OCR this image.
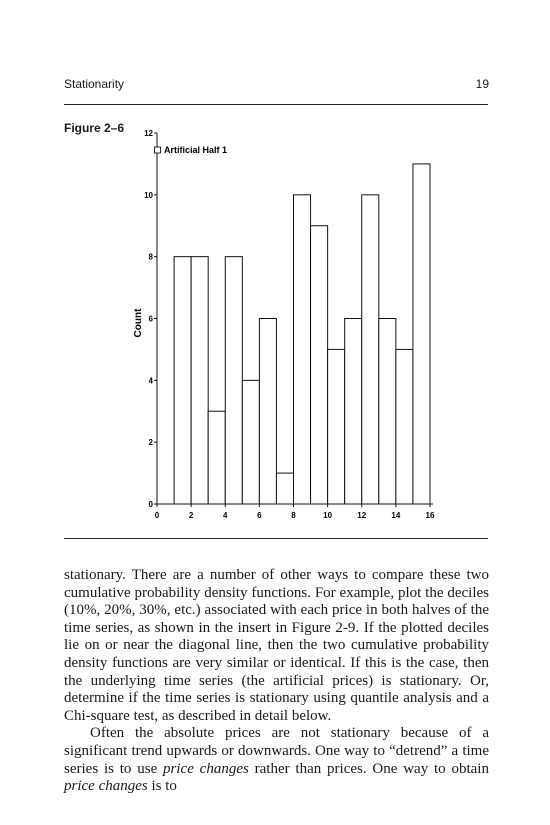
Stationarity	19
Figure 2–6
0	2	4	6	8	10	12	14	16
0
2
4
6
8
10
12
Count
Artificial Half 1

stationary. There are a number of other ways to compare these two cumulative probability density functions. For example, plot the deciles (10%, 20%, 30%, etc.) associated with each price in both halves of the time series, as shown in the insert in Figure 2-9. If the plotted deciles lie on or near the diagonal line, then the two cumulative probability density functions are very similar or identical. If this is the case, then the underlying time series (the artificial prices) is stationary. Or, determine if the time series is stationary using quantile analysis and a Chi-square test, as described in detail below.

Often the absolute prices are not stationary because of a significant trend upwards or downwards. One way to “detrend” a time series is to use price changes rather than prices. One way to obtain price changes is to
